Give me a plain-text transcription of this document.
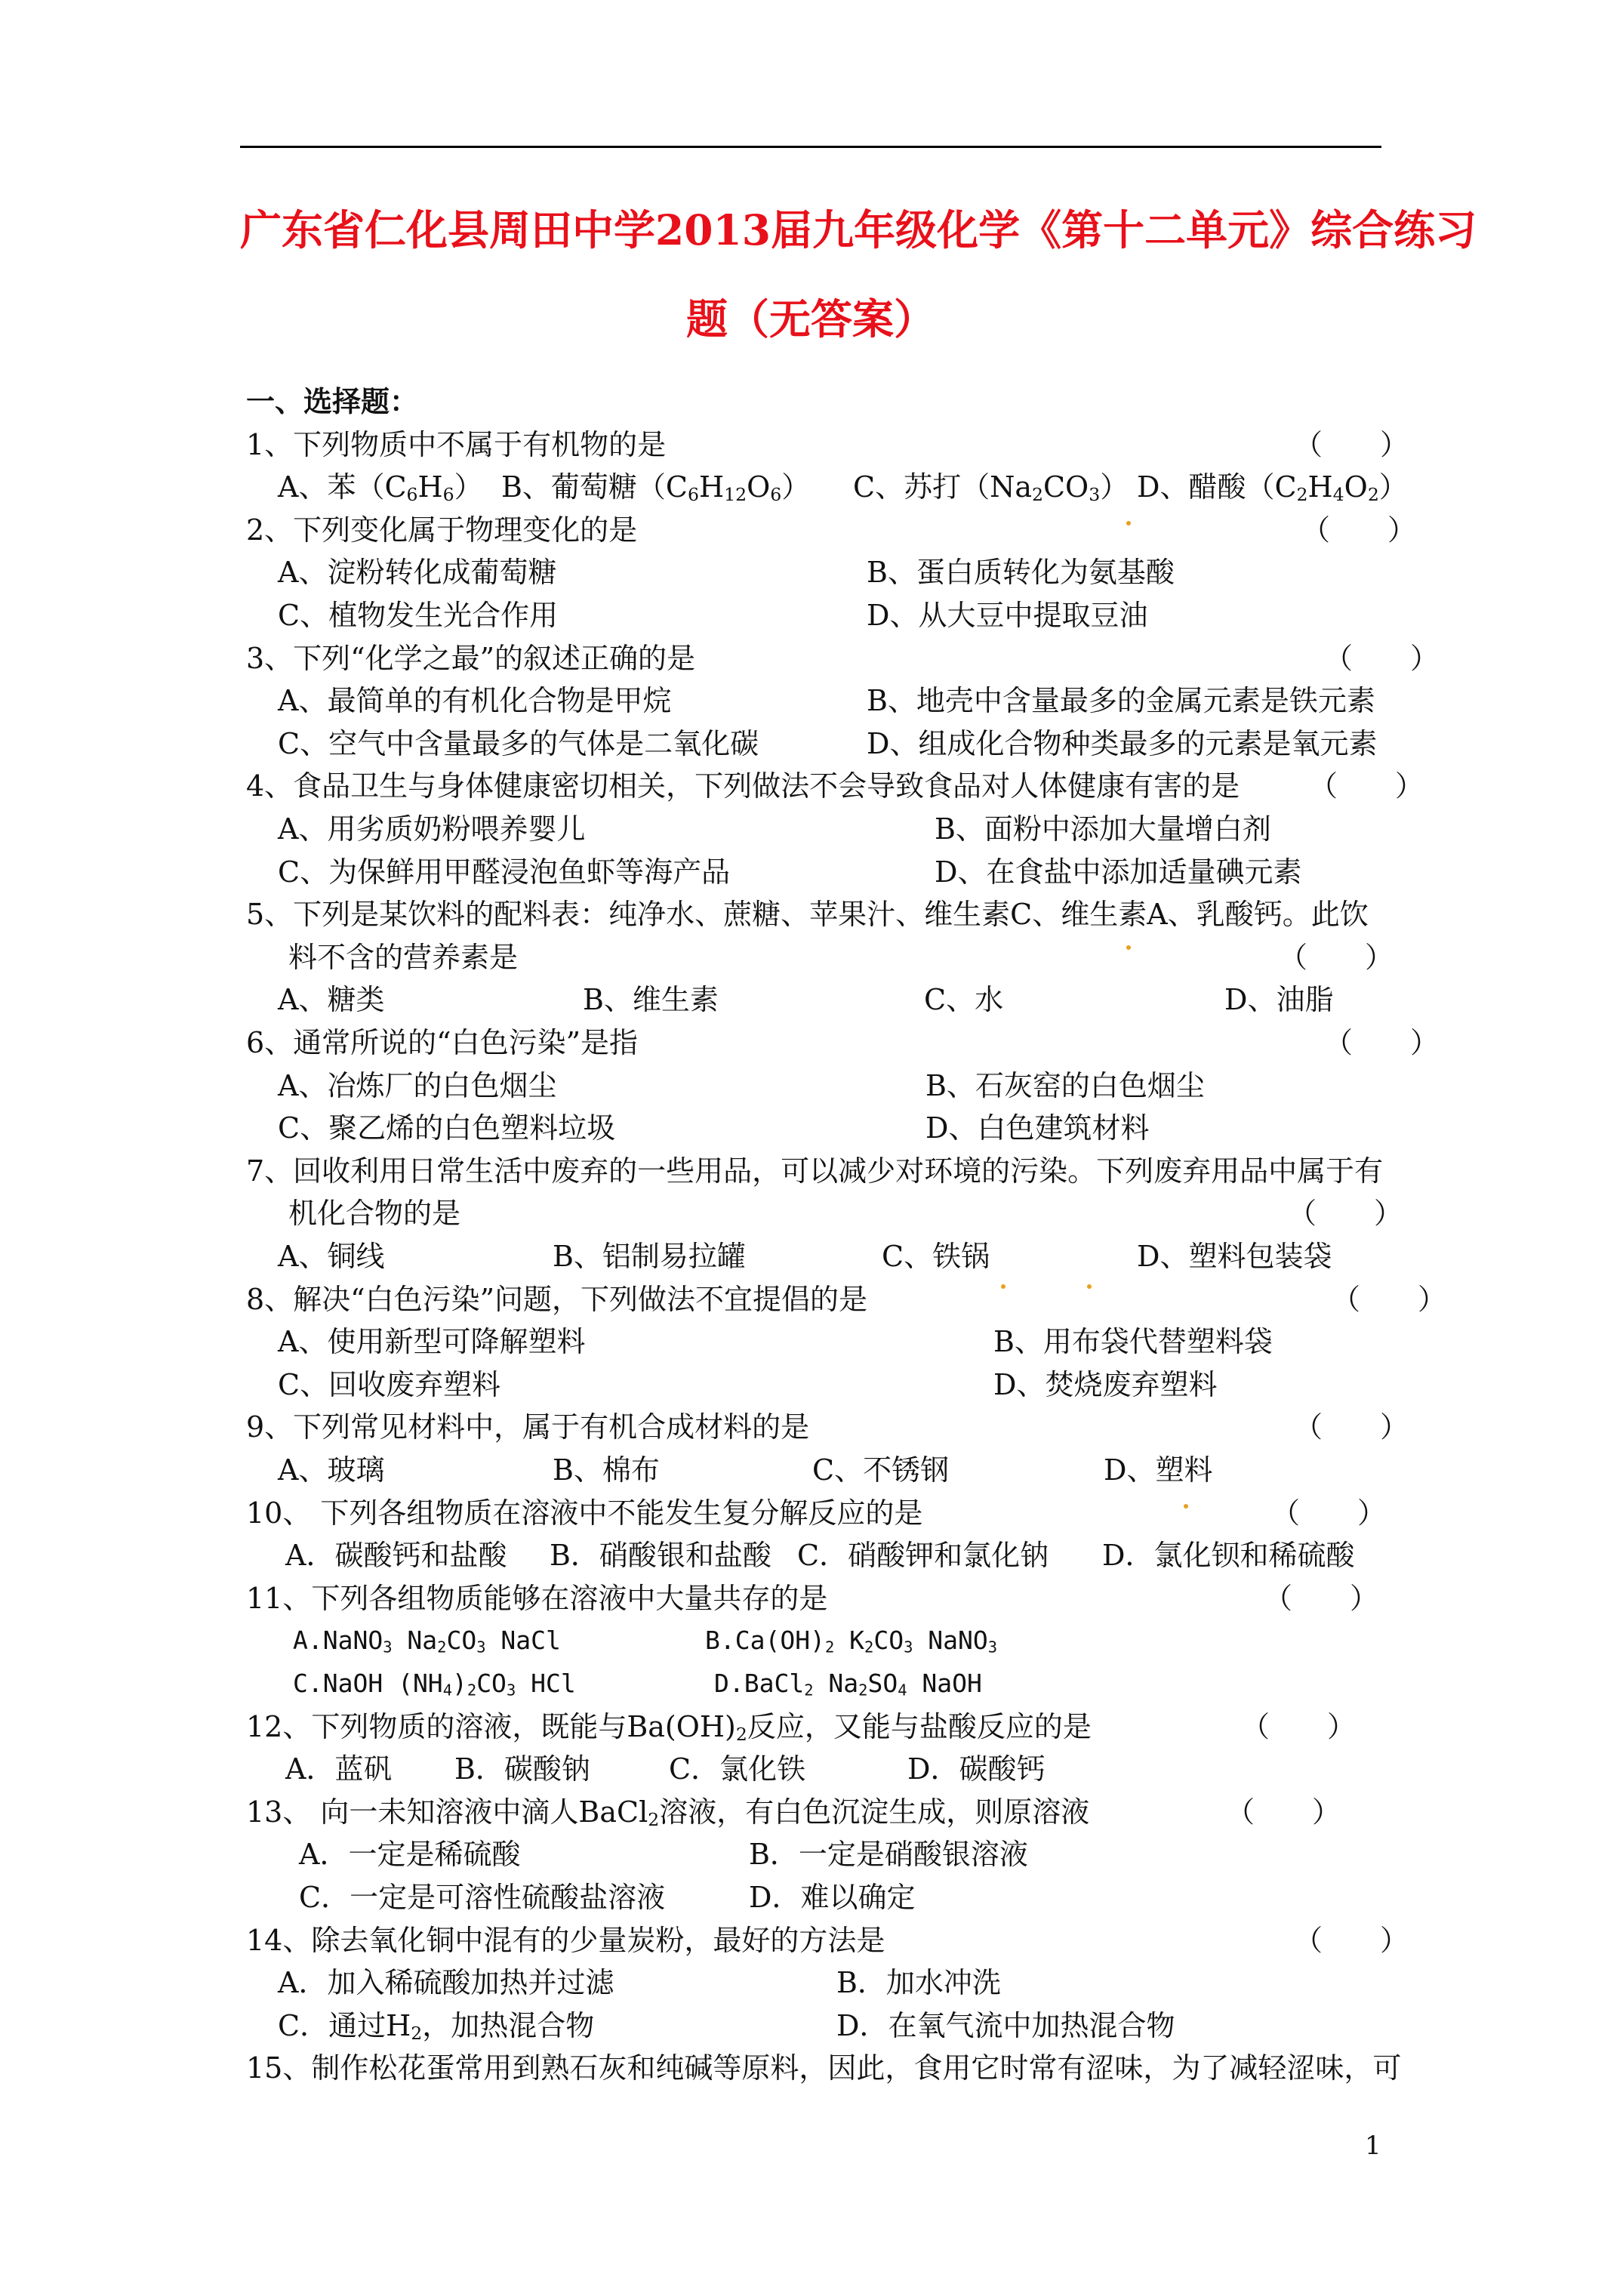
广东省仁化县周田中学2013届九年级化学《第十二单元》综合练习
题（无答案）
一、选择题：
1、下列物质中不属于有机物的是	（　　）
A、苯$(C_6H_6)$ B、葡萄糖$(C_6H_{12}O_6)$ C、苏打$(Na_2CO_3)$ D、醋酸$(C_2H_4O_2)$
2、下列变化属于物理变化的是	（　　）
A、淀粉转化成葡萄糖	B、蛋白质转化为氨基酸
C、植物发生光合作用	D、从大豆中提取豆油
3、下列“化学之最”的叙述正确的是	（　　）
A、最简单的有机化合物是甲烷	B、地壳中含量最多的金属元素是铁元素
C、空气中含量最多的气体是二氧化碳	D、组成化合物种类最多的元素是氧元素
4、食品卫生与身体健康密切相关，下列做法不会导致食品对人体健康有害的是 （　　）
A、用劣质奶粉喂养婴儿	B、面粉中添加大量增白剂
C、为保鲜用甲醛浸泡鱼虾等海产品	D、在食盐中添加适量碘元素
5、下列是某饮料的配料表：纯净水、蔗糖、苹果汁、维生素C、维生素A、乳酸钙。此饮
料不含的营养素是	（　　）
A、糖类	B、维生素	C、水	D、油脂
6、通常所说的“白色污染”是指	（　　）
A、冶炼厂的白色烟尘	B、石灰窑的白色烟尘
C、聚乙烯的白色塑料垃圾	D、白色建筑材料
7、回收利用日常生活中废弃的一些用品，可以减少对环境的污染。下列废弃用品中属于有
机化合物的是	（　　）
A、铜线	B、铝制易拉罐	C、铁锅	D、塑料包装袋
8、解决“白色污染”问题，下列做法不宜提倡的是	（　　）
A、使用新型可降解塑料	B、用布袋代替塑料袋
C、回收废弃塑料	D、焚烧废弃塑料
9、下列常见材料中，属于有机合成材料的是	（　　）
A、玻璃	B、棉布	C、不锈钢	D、塑料
10、 下列各组物质在溶液中不能发生复分解反应的是	（　　）
A．碳酸钙和盐酸 B．硝酸银和盐酸 C．硝酸钾和氯化钠 D．氯化钡和稀硫酸
11、下列各组物质能够在溶液中大量共存的是	（　　）
A.NaNO$_3$ $Na_2CO_3$ NaCl	$B.Ca(OH)_2$ $K_2CO_3$ NaNO$_3$
C.NaOH $(NH_4)_2CO_3$ HCl	D.BaCl$_2$ $Na_2SO_4$ NaOH
12、下列物质的溶液，既能与$Ba(OH)_2$反应，又能与盐酸反应的是	（　　）
A．蓝矾 B．碳酸钠	C．氯化铁	D．碳酸钙
13、 向一未知溶液中滴人BaCl$_2$溶液，有白色沉淀生成，则原溶液	（　　）
A．一定是稀硫酸	B．一定是硝酸银溶液
C．一定是可溶性硫酸盐溶液	D．难以确定
14、除去氧化铜中混有的少量炭粉，最好的方法是	（　　）
A．加入稀硫酸加热并过滤	B．加水冲洗
C．通过$H_2$，加热混合物	D．在氧气流中加热混合物
15、制作松花蛋常用到熟石灰和纯碱等原料，因此，食用它时常有涩味，为了减轻涩味，可
1
